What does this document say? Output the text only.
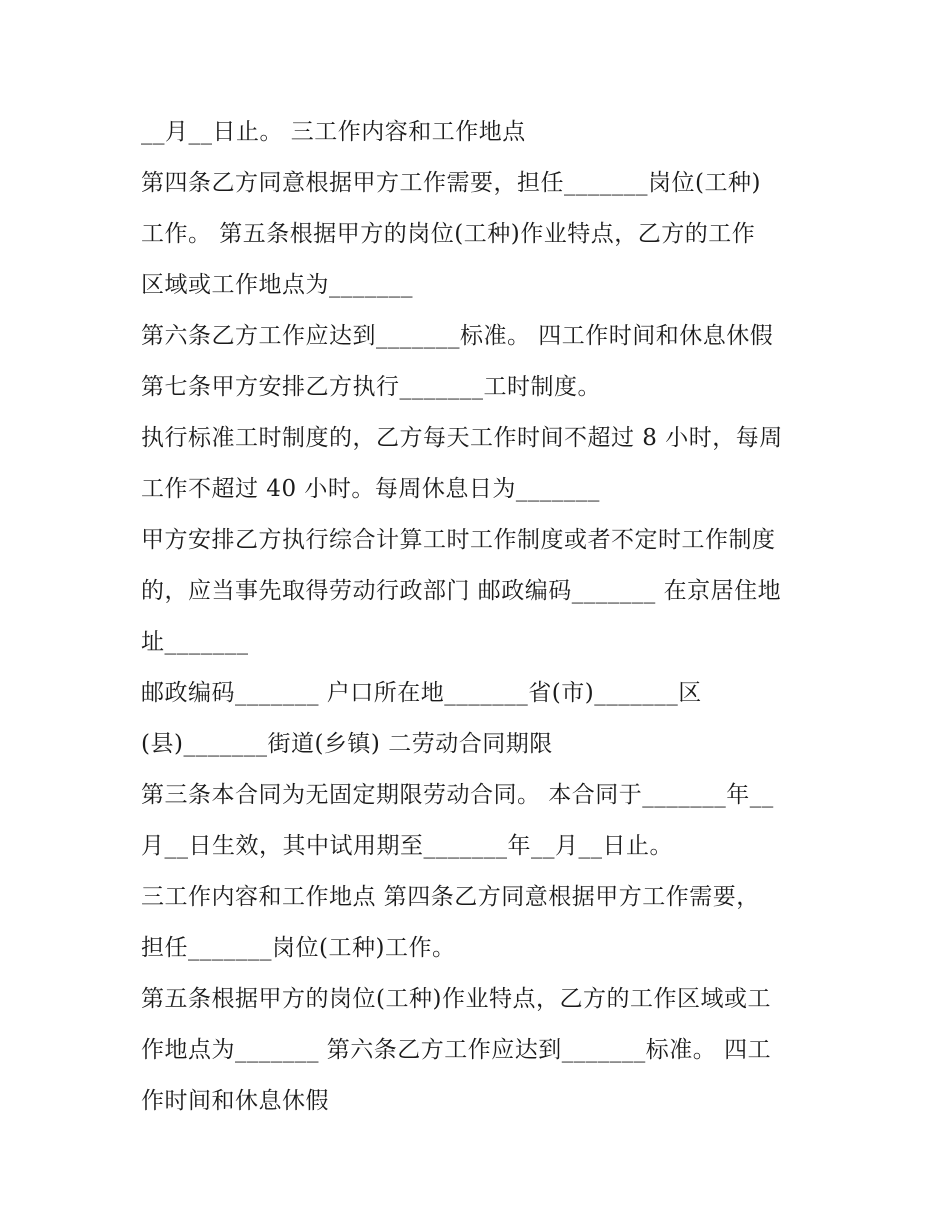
__月__日止。 三工作内容和工作地点
第四条乙方同意根据甲方工作需要，担任_______岗位(工种)
工作。 第五条根据甲方的岗位(工种)作业特点，乙方的工作
区域或工作地点为_______
第六条乙方工作应达到_______标准。 四工作时间和休息休假
第七条甲方安排乙方执行_______工时制度。
执行标准工时制度的，乙方每天工作时间不超过 8 小时，每周
工作不超过 40 小时。每周休息日为_______
甲方安排乙方执行综合计算工时工作制度或者不定时工作制度
的，应当事先取得劳动行政部门 邮政编码_______ 在京居住地
址_______
邮政编码_______ 户口所在地_______省(市)_______区
(县)_______街道(乡镇) 二劳动合同期限
第三条本合同为无固定期限劳动合同。 本合同于_______年__
月__日生效，其中试用期至_______年__月__日止。
三工作内容和工作地点 第四条乙方同意根据甲方工作需要，
担任_______岗位(工种)工作。
第五条根据甲方的岗位(工种)作业特点，乙方的工作区域或工
作地点为_______ 第六条乙方工作应达到_______标准。 四工
作时间和休息休假
